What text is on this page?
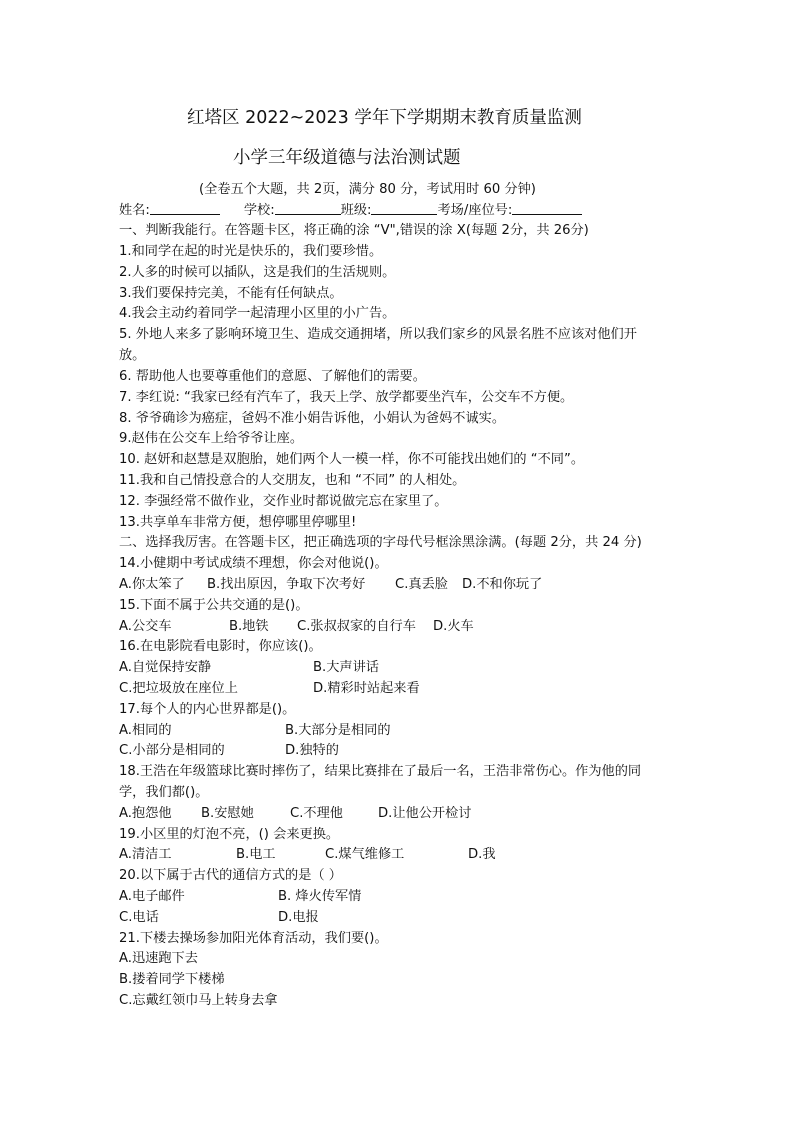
红塔区 2022~2023 学年下学期期末教育质量监测
小学三年级道德与法治测试题
(全卷五个大题，共 2页，满分 80 分，考试用时 60 分钟)
姓名:	学校:	班级:	考场/座位号:
一、判断我能行。在答题卡区，将正确的涂 “V",错误的涂 X(每题 2分，共 26分)
1.和同学在起的时光是快乐的，我们要珍惜。
2.人多的时候可以插队，这是我们的生活规则。
3.我们要保持完美，不能有任何缺点。
4.我会主动约着同学一起清理小区里的小广告。
5. 外地人来多了影响环境卫生、造成交通拥堵，所以我们家乡的风景名胜不应该对他们开
放。
6. 帮助他人也要尊重他们的意愿、了解他们的需要。
7. 李红说: “我家已经有汽车了，我天上学、放学都要坐汽车，公交车不方便。
8. 爷爷确诊为癌症，爸妈不准小娟告诉他，小娟认为爸妈不诚实。
9.赵伟在公交车上给爷爷让座。
10. 赵妍和赵慧是双胞胎，她们两个人一模一样，你不可能找出她们的 “不同”。
11.我和自己情投意合的人交朋友，也和 “不同” 的人相处。
12. 李强经常不做作业，交作业时都说做完忘在家里了。
13.共享单车非常方便，想停哪里停哪里!
二、选择我厉害。在答题卡区，把正确选项的字母代号框涂黑涂满。(每题 2分，共 24 分)
14.小健期中考试成绩不理想，你会对他说()。
A.你太笨了 B.找出原因，争取下次考好 C.真丢脸 D.不和你玩了
15.下面不属于公共交通的是()。
A.公交车	B.地铁 C.张叔叔家的自行车 D.火车
16.在电影院看电影时，你应该()。
A.自觉保持安静	B.大声讲话
C.把垃圾放在座位上	D.精彩时站起来看
17.每个人的内心世界都是()。
A.相同的	B.大部分是相同的
C.小部分是相同的	D.独特的
18.王浩在年级篮球比赛时摔伤了，结果比赛排在了最后一名，王浩非常伤心。作为他的同
学，我们都()。
A.抱怨他 B.安慰她	C.不理他	D.让他公开检讨
19.小区里的灯泡不亮，() 会来更换。
A.清洁工	B.电工	C.煤气维修工	D.我
20.以下属于古代的通信方式的是（ ）
A.电子邮件	B. 烽火传军情
C.电话	D.电报
21.下楼去操场参加阳光体育活动，我们要()。
A.迅速跑下去
B.搂着同学下楼梯
C.忘戴红领巾马上转身去拿
